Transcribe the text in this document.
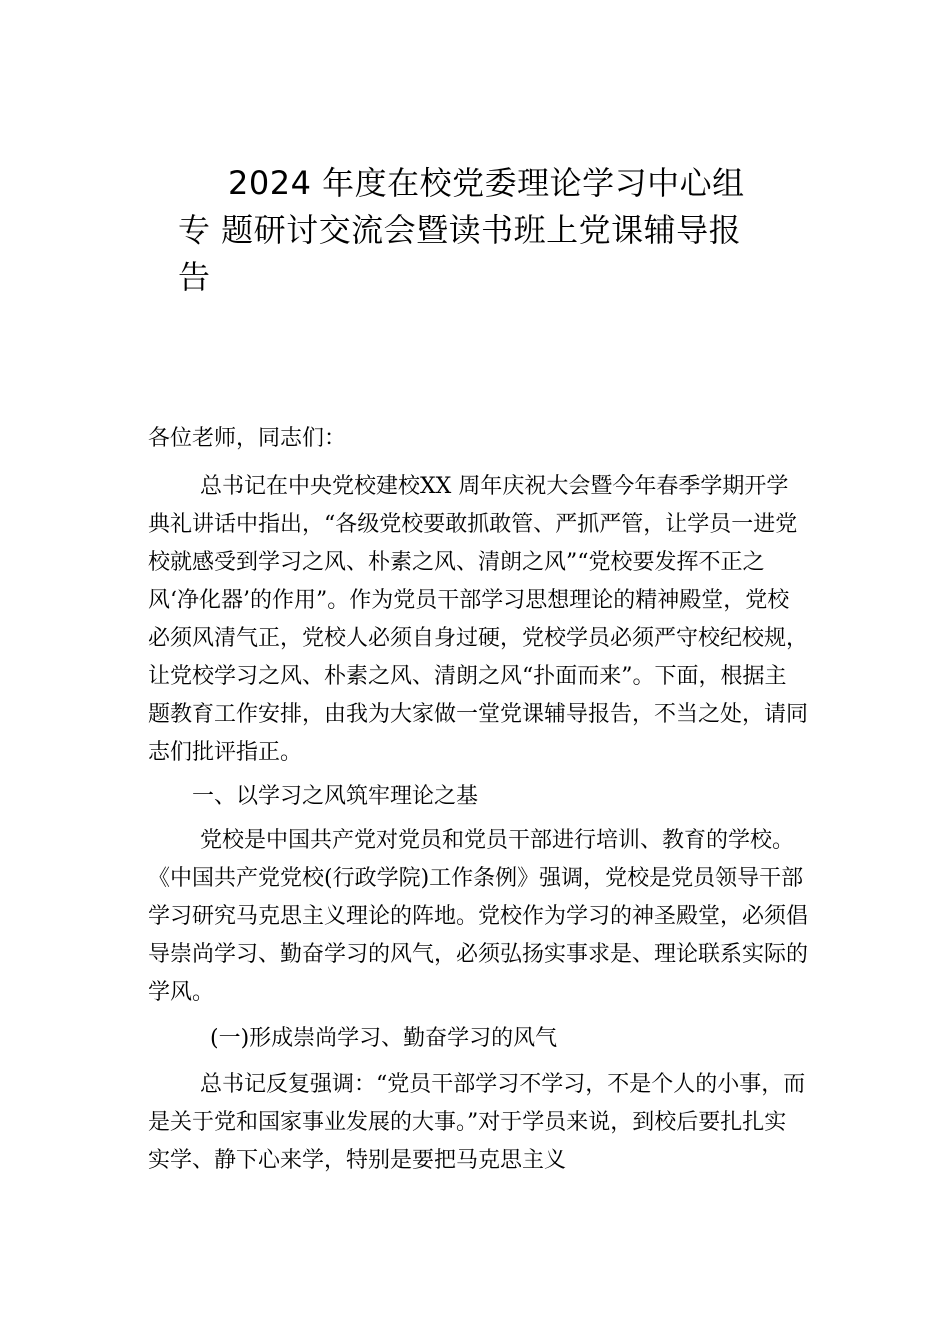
2024 年度在校党委理论学习中心组
专 题研讨交流会暨读书班上党课辅导报
告

各位老师，同志们：

总书记在中央党校建校XX 周年庆祝大会暨今年春季学期开学典礼讲话中指出，“各级党校要敢抓敢管、严抓严管，让学员一进党校就感受到学习之风、朴素之风、清朗之风”“党校要发挥不正之风‘净化器’的作用”。作为党员干部学习思想理论的精神殿堂，党校必须风清气正，党校人必须自身过硬，党校学员必须严守校纪校规，让党校学习之风、朴素之风、清朗之风“扑面而来”。下面，根据主题教育工作安排，由我为大家做一堂党课辅导报告，不当之处，请同志们批评指正。

一、以学习之风筑牢理论之基

党校是中国共产党对党员和党员干部进行培训、教育的学校。《中国共产党党校(行政学院)工作条例》强调，党校是党员领导干部学习研究马克思主义理论的阵地。党校作为学习的神圣殿堂，必须倡导崇尚学习、勤奋学习的风气，必须弘扬实事求是、理论联系实际的学风。

(一)形成崇尚学习、勤奋学习的风气

总书记反复强调：“党员干部学习不学习，不是个人的小事，而是关于党和国家事业发展的大事。”对于学员来说，到校后要扎扎实实学、静下心来学，特别是要把马克思主义
